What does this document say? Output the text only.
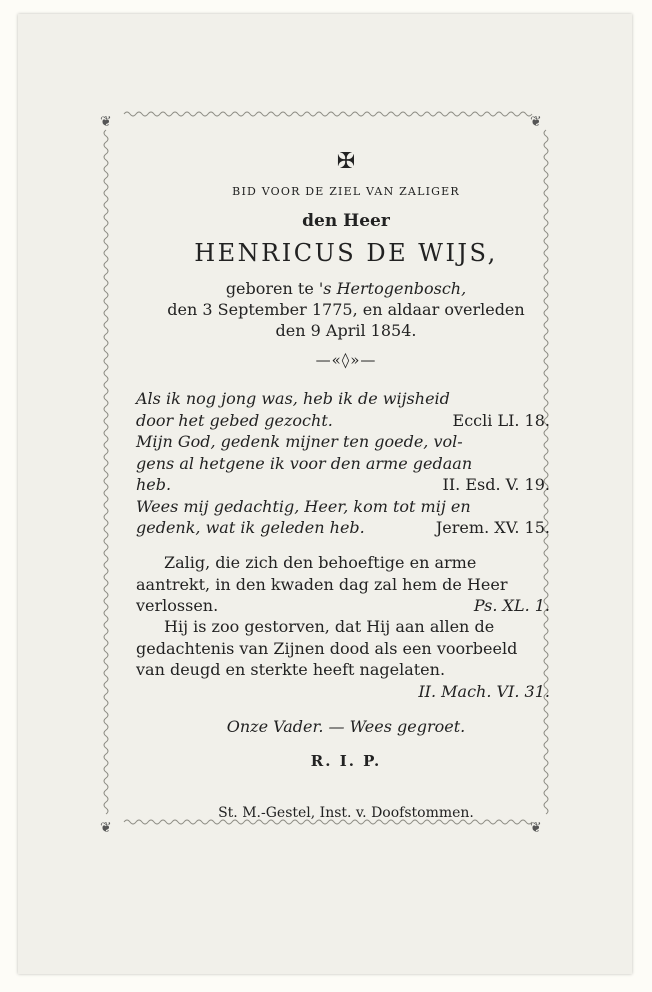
❦	❦
❦	❦
✠
BID VOOR DE ZIEL VAN ZALIGER
den Heer
HENRICUS DE WIJS,
geboren te 's Hertogenbosch,
den 3 September 1775, en aldaar overleden
den 9 April 1854.
—«◊»—
Als ik nog jong was, heb ik de wijsheid
door het gebed gezocht.	Eccli LI. 18.
Mijn God, gedenk mijner ten goede, vol-
gens al hetgene ik voor den arme gedaan
heb.	II. Esd. V. 19.
Wees mij gedachtig, Heer, kom tot mij en
gedenk, wat ik geleden heb.	Jerem. XV. 15.
Zalig, die zich den behoeftige en arme
aantrekt, in den kwaden dag zal hem de Heer
verlossen.	Ps. XL. 1.
Hij is zoo gestorven, dat Hij aan allen de
gedachtenis van Zijnen dood als een voorbeeld
van deugd en sterkte heeft nagelaten.
II. Mach. VI. 31.
Onze Vader. — Wees gegroet.
R. I. P.
St. M.-Gestel, Inst. v. Doofstommen.
